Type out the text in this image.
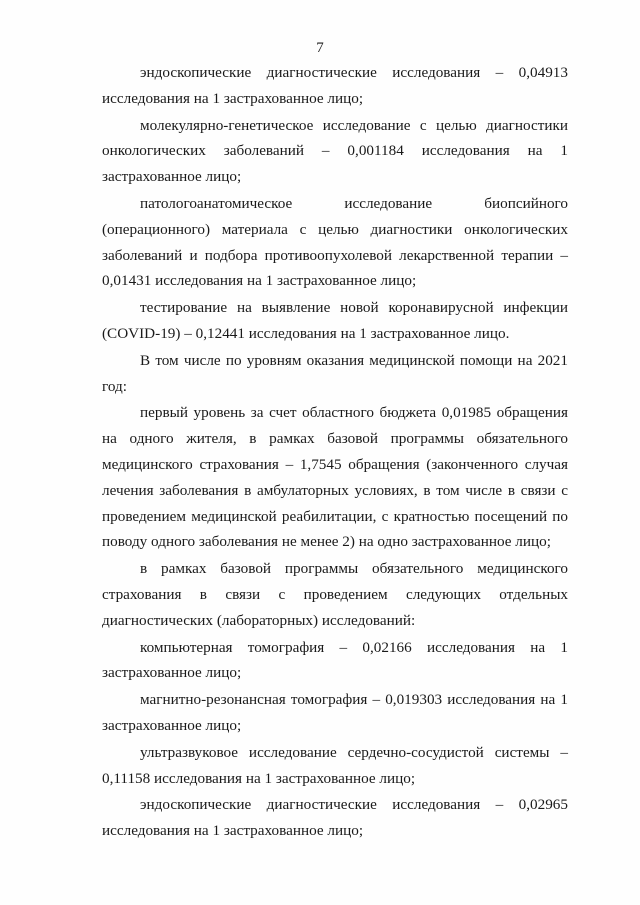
7

эндоскопические диагностические исследования – 0,04913 исследования на 1 застрахованное лицо;

молекулярно-генетическое исследование с целью диагностики онкологических заболеваний – 0,001184 исследования на 1 застрахованное лицо;

патологоанатомическое исследование биопсийного (операционного) материала с целью диагностики онкологических заболеваний и подбора противоопухолевой лекарственной терапии – 0,01431 исследования на 1 застрахованное лицо;

тестирование на выявление новой коронавирусной инфекции (COVID-19) – 0,12441 исследования на 1 застрахованное лицо.

В том числе по уровням оказания медицинской помощи на 2021 год:

первый уровень за счет областного бюджета 0,01985 обращения на одного жителя, в рамках базовой программы обязательного медицинского страхования – 1,7545 обращения (законченного случая лечения заболевания в амбулаторных условиях, в том числе в связи с проведением медицинской реабилитации, с кратностью посещений по поводу одного заболевания не менее 2) на одно застрахованное лицо;

в рамках базовой программы обязательного медицинского страхования в связи с проведением следующих отдельных диагностических (лабораторных) исследований:

компьютерная томография – 0,02166 исследования на 1 застрахованное лицо;

магнитно-резонансная томография – 0,019303 исследования на 1 застрахованное лицо;

ультразвуковое исследование сердечно-сосудистой системы – 0,11158 исследования на 1 застрахованное лицо;

эндоскопические диагностические исследования – 0,02965 исследования на 1 застрахованное лицо;
